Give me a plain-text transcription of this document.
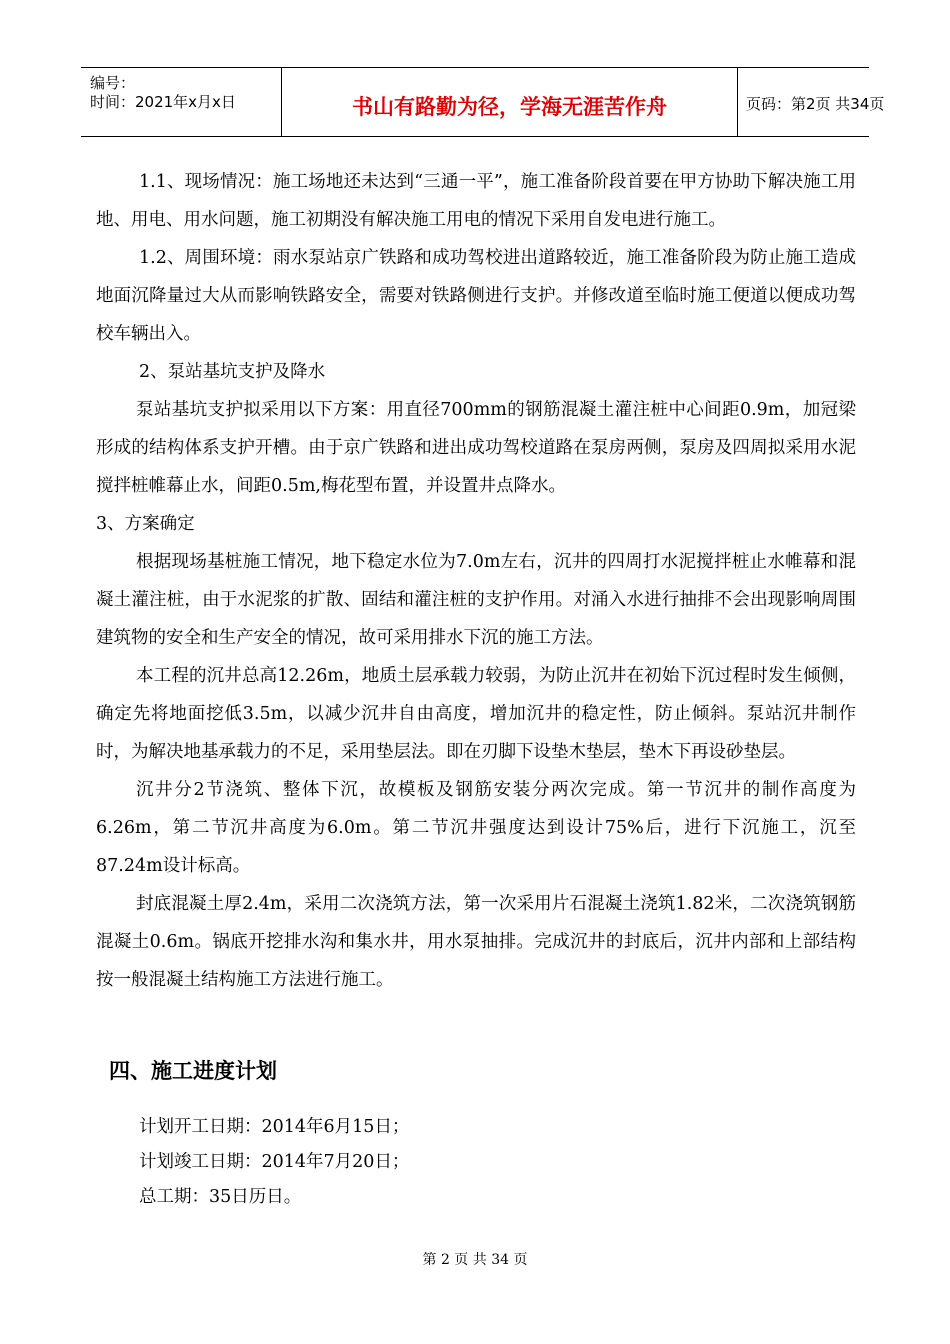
编号：
时间：2021年x月x日	书山有路勤为径，学海无涯苦作舟	页码：第2页 共34页

1.1、现场情况：施工场地还未达到“三通一平”，施工准备阶段首要在甲方协助下解决施工用地、用电、用水问题，施工初期没有解决施工用电的情况下采用自发电进行施工。

1.2、周围环境：雨水泵站京广铁路和成功驾校进出道路较近，施工准备阶段为防止施工造成地面沉降量过大从而影响铁路安全，需要对铁路侧进行支护。并修改道至临时施工便道以便成功驾校车辆出入。

2、泵站基坑支护及降水

泵站基坑支护拟采用以下方案：用直径700mm的钢筋混凝土灌注桩中心间距0.9m，加冠梁形成的结构体系支护开槽。由于京广铁路和进出成功驾校道路在泵房两侧，泵房及四周拟采用水泥搅拌桩帷幕止水，间距0.5m,梅花型布置，并设置井点降水。

3、方案确定

根据现场基桩施工情况，地下稳定水位为7.0m左右，沉井的四周打水泥搅拌桩止水帷幕和混凝土灌注桩，由于水泥浆的扩散、固结和灌注桩的支护作用。对涌入水进行抽排不会出现影响周围建筑物的安全和生产安全的情况，故可采用排水下沉的施工方法。

本工程的沉井总高12.26m，地质土层承载力较弱，为防止沉井在初始下沉过程时发生倾侧，确定先将地面挖低3.5m，以减少沉井自由高度，增加沉井的稳定性，防止倾斜。泵站沉井制作时，为解决地基承载力的不足，采用垫层法。即在刃脚下设垫木垫层，垫木下再设砂垫层。

沉井分2节浇筑、整体下沉，故模板及钢筋安装分两次完成。第一节沉井的制作高度为6.26m，第二节沉井高度为6.0m。第二节沉井强度达到设计75%后，进行下沉施工，沉至87.24m设计标高。

封底混凝土厚2.4m，采用二次浇筑方法，第一次采用片石混凝土浇筑1.82米，二次浇筑钢筋混凝土0.6m。锅底开挖排水沟和集水井，用水泵抽排。完成沉井的封底后，沉井内部和上部结构按一般混凝土结构施工方法进行施工。

四、施工进度计划

计划开工日期：2014年6月15日；

计划竣工日期：2014年7月20日；

总工期：35日历日。

第 2 页 共 34 页
